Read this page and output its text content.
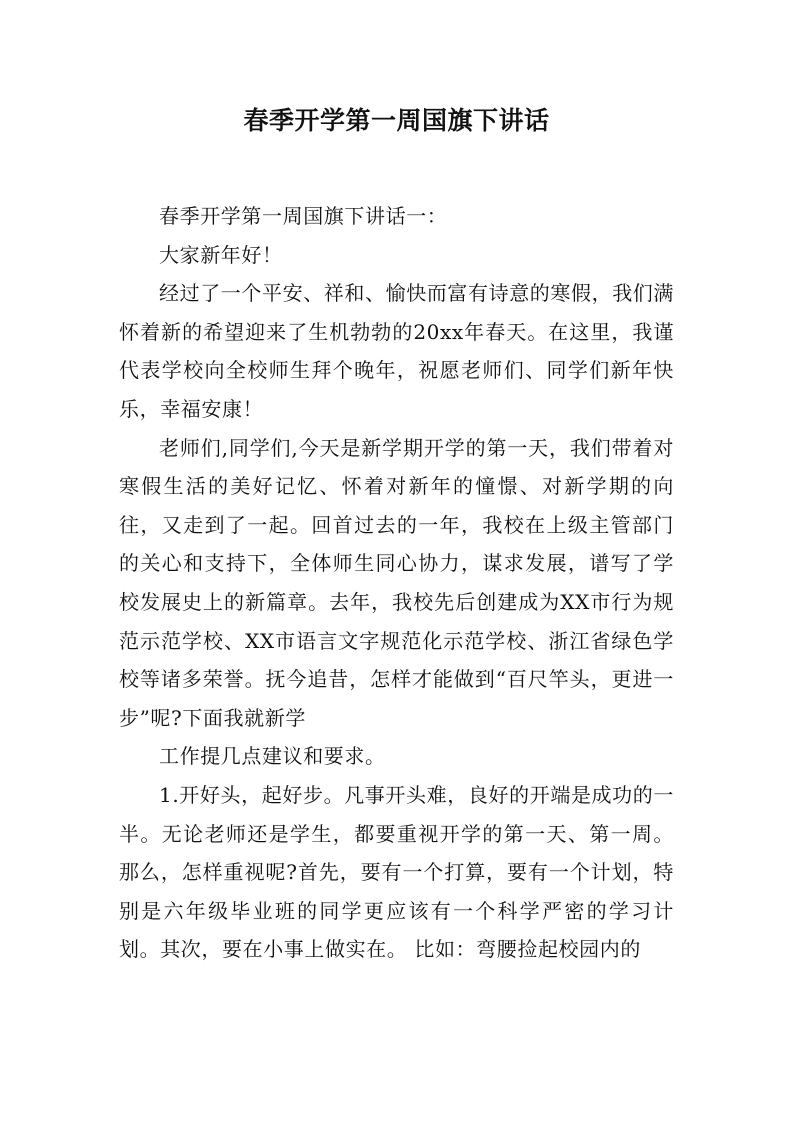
春季开学第一周国旗下讲话

春季开学第一周国旗下讲话一：

大家新年好！

经过了一个平安、祥和、愉快而富有诗意的寒假，我们满怀着新的希望迎来了生机勃勃的20xx年春天。在这里，我谨代表学校向全校师生拜个晚年，祝愿老师们、同学们新年快乐，幸福安康！

老师们,同学们,今天是新学期开学的第一天，我们带着对寒假生活的美好记忆、怀着对新年的憧憬、对新学期的向往，又走到了一起。回首过去的一年，我校在上级主管部门的关心和支持下，全体师生同心协力，谋求发展，谱写了学校发展史上的新篇章。去年，我校先后创建成为XX市行为规范示范学校、XX市语言文字规范化示范学校、浙江省绿色学校等诸多荣誉。抚今追昔，怎样才能做到“百尺竿头，更进一步”呢?下面我就新学

工作提几点建议和要求。

1.开好头，起好步。凡事开头难，良好的开端是成功的一半。无论老师还是学生，都要重视开学的第一天、第一周。那么，怎样重视呢?首先，要有一个打算，要有一个计划，特别是六年级毕业班的同学更应该有一个科学严密的学习计划。其次，要在小事上做实在。 比如：弯腰捡起校园内的
